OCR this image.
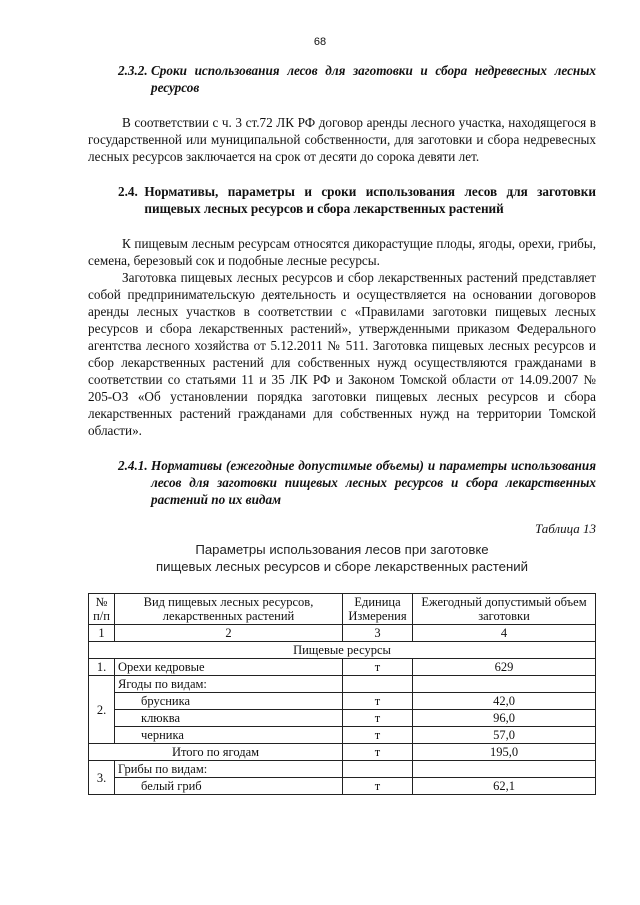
68
2.3.2.
Сроки использования лесов для заготовки и сбора недревесных лесных ресурсов

В соответствии с ч. 3 ст.72 ЛК РФ договор аренды лесного участка, находящегося в государственной или муниципальной собственности, для заготовки и сбора недревесных лесных ресурсов заключается на срок от десяти до сорока девяти лет.

2.4.
Нормативы, параметры и сроки использования лесов для заготовки пищевых лесных ресурсов и сбора лекарственных растений

К пищевым лесным ресурсам относятся дикорастущие плоды, ягоды, орехи, грибы, семена, березовый сок и подобные лесные ресурсы.

Заготовка пищевых лесных ресурсов и сбор лекарственных растений представляет собой предпринимательскую деятельность и осуществляется на основании договоров аренды лесных участков в соответствии с «Правилами заготовки пищевых лесных ресурсов и сбора лекарственных растений», утвержденными приказом Федерального агентства лесного хозяйства от 5.12.2011 № 511. Заготовка пищевых лесных ресурсов и сбор лекарственных растений для собственных нужд осуществляются гражданами в соответствии со статьями 11 и 35 ЛК РФ и Законом Томской области от 14.09.2007 № 205-ОЗ «Об установлении порядка заготовки пищевых лесных ресурсов и сбора лекарственных растений гражданами для собственных нужд на территории Томской области».

2.4.1.
Нормативы (ежегодные допустимые объемы) и параметры использования лесов для заготовки пищевых лесных ресурсов и сбора лекарственных растений по их видам
Таблица 13
Параметры использования лесов при заготовке
пищевых лесных ресурсов и сборе лекарственных растений
№ п/п	Вид пищевых лесных ресурсов, лекарственных растений	Единица Измерения	Ежегодный допустимый объем заготовки
1	2	3	4
Пищевые ресурсы			
1.	Орехи кедровые	т	629
2.	Ягоды по видам:		
	брусника	т	42,0
	клюква	т	96,0
	черника	т	57,0
Итого по ягодам		т	195,0
3.	Грибы по видам:		
	белый гриб	т	62,1
